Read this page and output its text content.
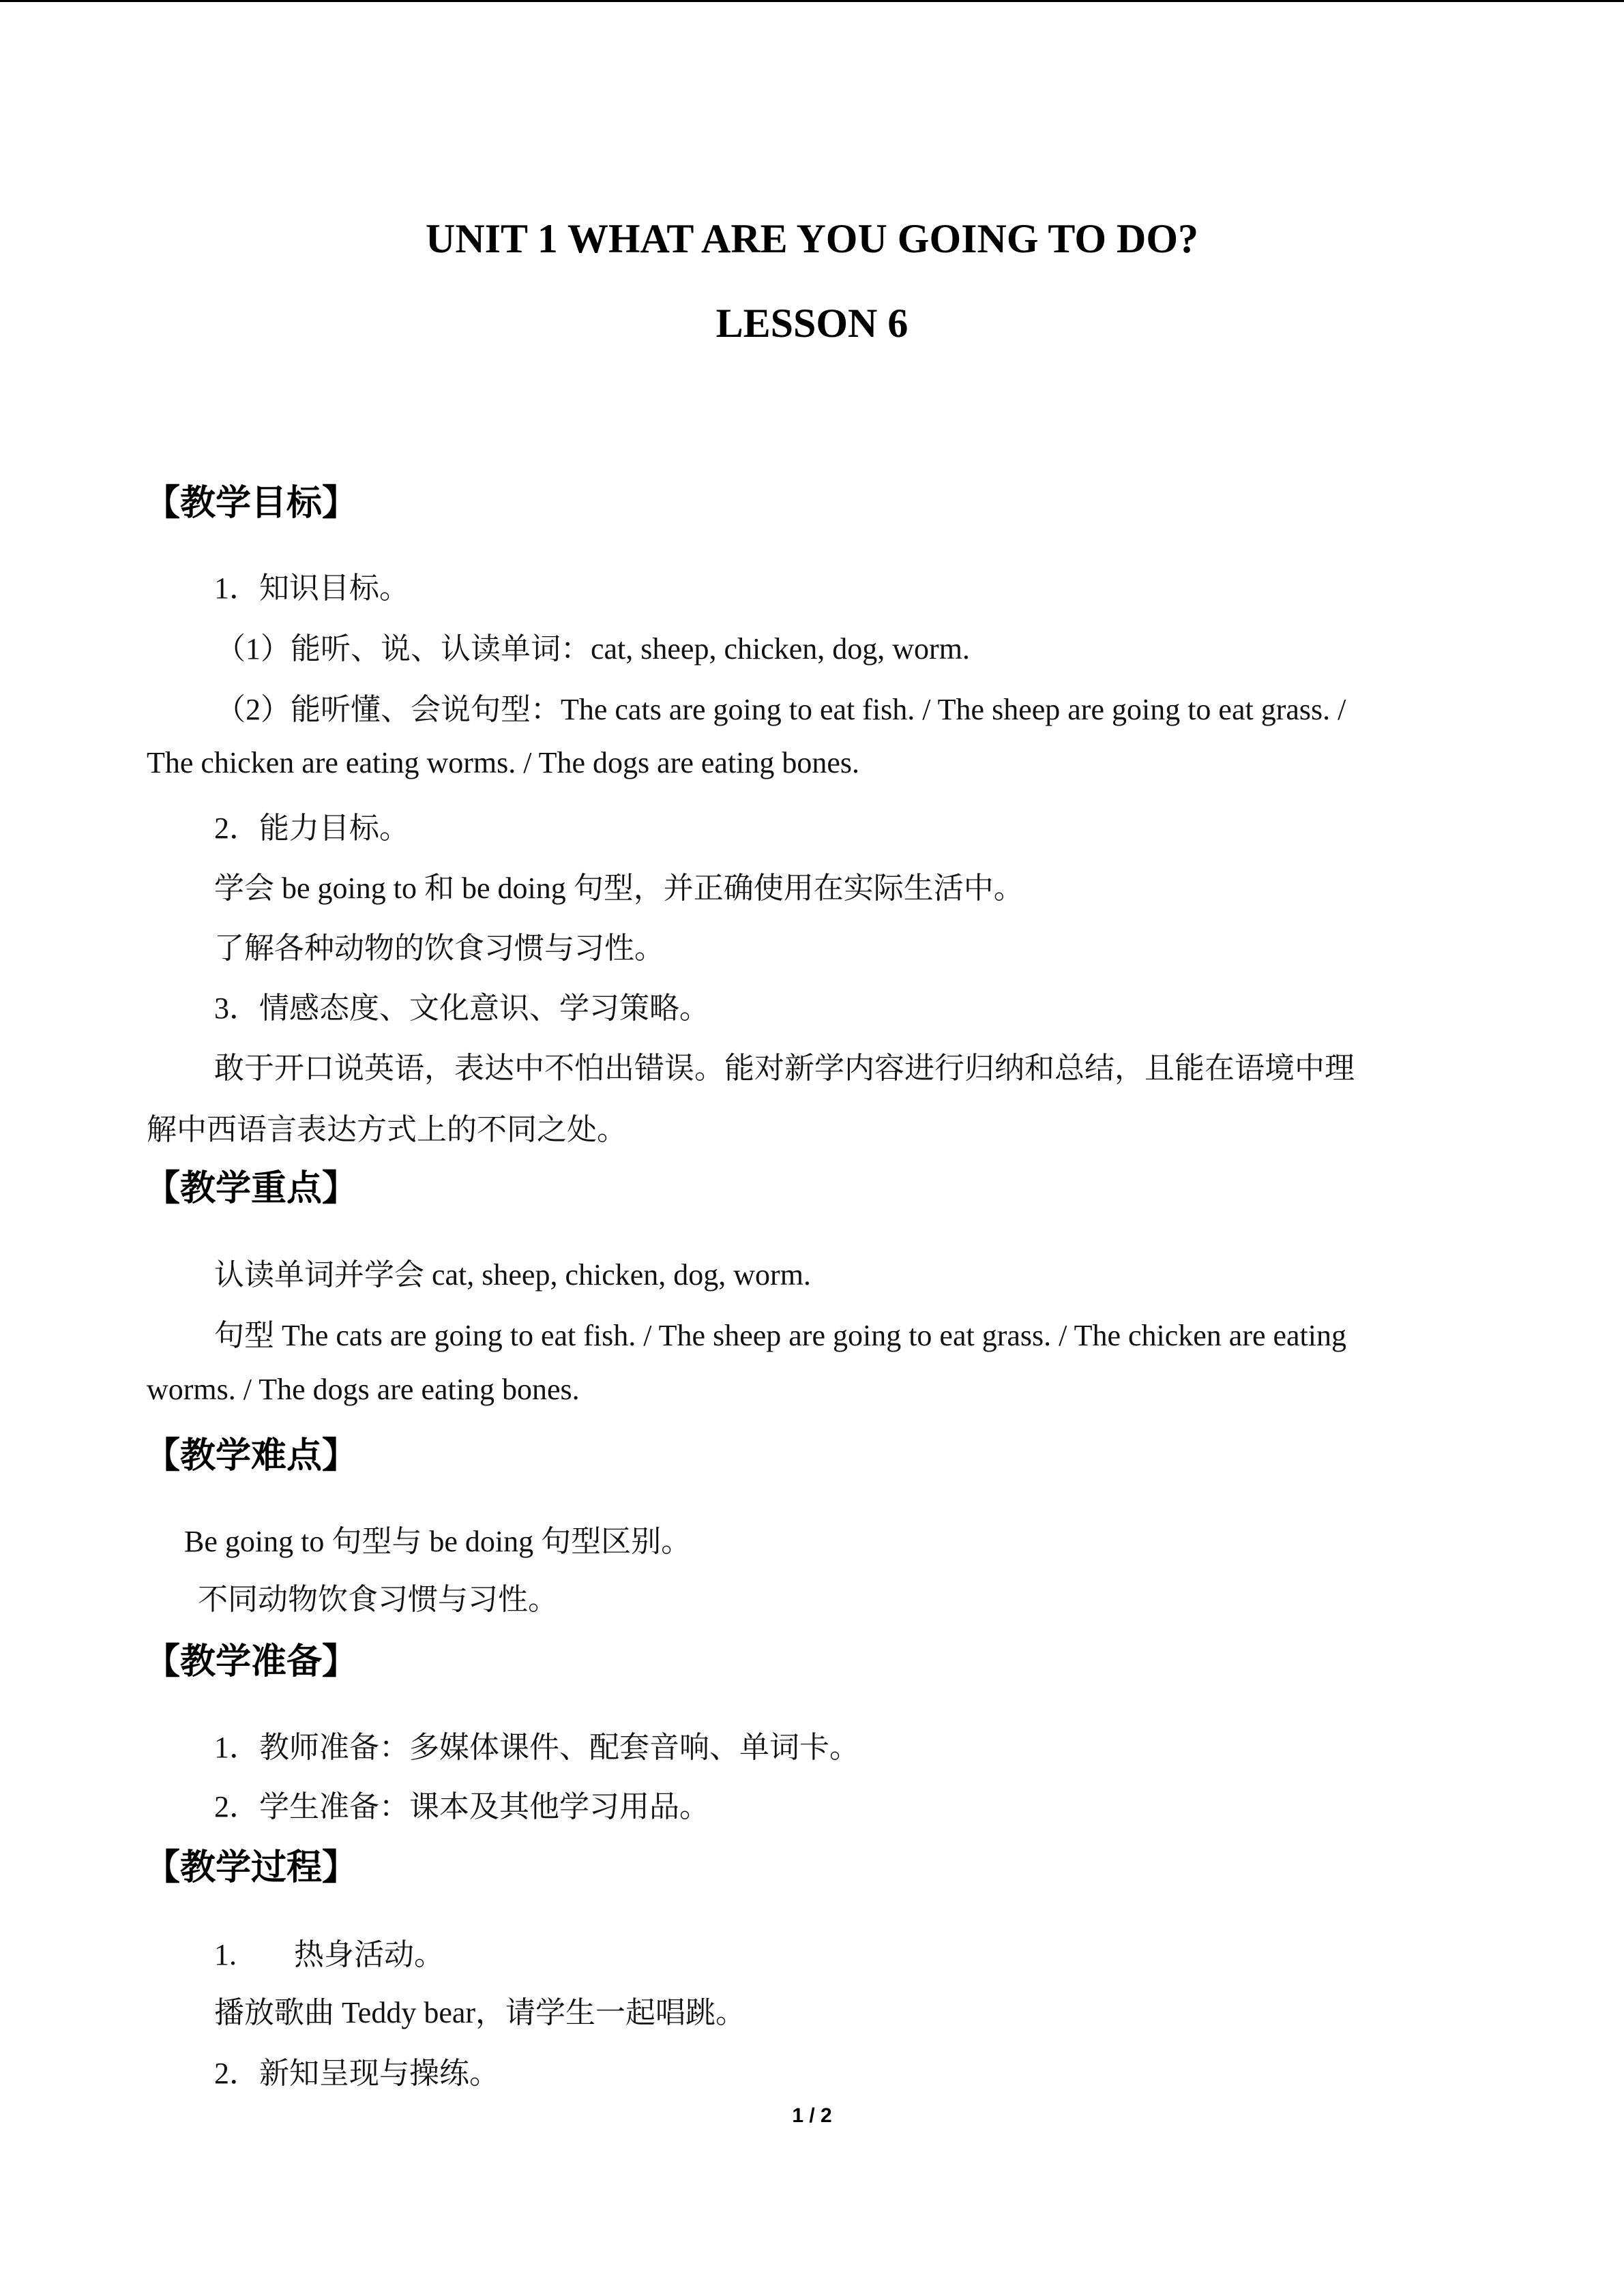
UNIT 1 WHAT ARE YOU GOING TO DO?
LESSON 6
【教学目标】
1．知识目标。
（1）能听、说、认读单词：cat, sheep, chicken, dog, worm.
（2）能听懂、会说句型：The cats are going to eat fish. / The sheep are going to eat grass. /
The chicken are eating worms. / The dogs are eating bones.
2．能力目标。
学会 be going to 和 be doing 句型，并正确使用在实际生活中。
了解各种动物的饮食习惯与习性。
3．情感态度、文化意识、学习策略。
敢于开口说英语，表达中不怕出错误。能对新学内容进行归纳和总结，且能在语境中理
解中西语言表达方式上的不同之处。
【教学重点】
认读单词并学会 cat, sheep, chicken, dog, worm.
句型 The cats are going to eat fish. / The sheep are going to eat grass. / The chicken are eating
worms. / The dogs are eating bones.
【教学难点】
Be going to 句型与 be doing 句型区别。
不同动物饮食习惯与习性。
【教学准备】
1．教师准备：多媒体课件、配套音响、单词卡。
2．学生准备：课本及其他学习用品。
【教学过程】
1. 热身活动。
播放歌曲 Teddy bear，请学生一起唱跳。
2．新知呈现与操练。
1 / 2
